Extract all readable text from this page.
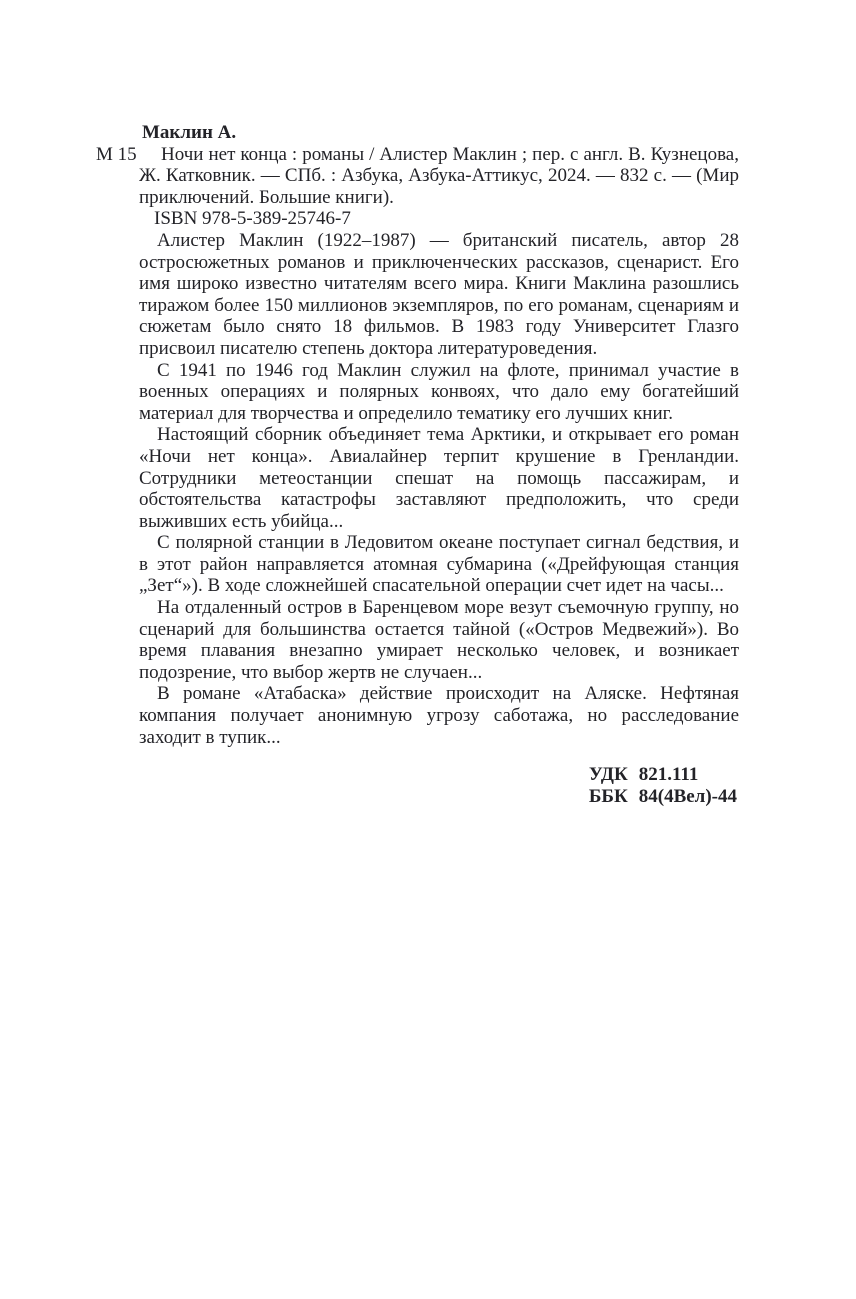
Маклин А.

М 15	Ночи нет конца : романы / Алистер Маклин ; пер. с англ. В. Кузнецова, Ж. Катковник. — СПб. : Азбука, Азбука-Аттикус, 2024. — 832 с. — (Мир приключений. Большие книги).

ISBN 978-5-389-25746-7

Алистер Маклин (1922–1987) — британский писатель, автор 28 остросюжетных романов и приключенческих рассказов, сценарист. Его имя широко известно читателям всего мира. Книги Маклина разошлись тиражом более 150 миллионов экземпляров, по его романам, сценариям и сюжетам было снято 18 фильмов. В 1983 году Университет Глазго присвоил писателю степень доктора литературоведения.

С 1941 по 1946 год Маклин служил на флоте, принимал участие в военных операциях и полярных конвоях, что дало ему богатейший материал для творчества и определило тематику его лучших книг.

Настоящий сборник объединяет тема Арктики, и открывает его роман «Ночи нет конца». Авиалайнер терпит крушение в Гренландии. Сотрудники метеостанции спешат на помощь пассажирам, и обстоятельства катастрофы заставляют предположить, что среди выживших есть убийца...

С полярной станции в Ледовитом океане поступает сигнал бедствия, и в этот район направляется атомная субмарина («Дрейфующая станция „Зет“»). В ходе сложнейшей спасательной операции счет идет на часы...

На отдаленный остров в Баренцевом море везут съемочную группу, но сценарий для большинства остается тайной («Остров Медвежий»). Во время плавания внезапно умирает несколько человек, и возникает подозрение, что выбор жертв не случаен...

В романе «Атабаска» действие происходит на Аляске. Нефтяная компания получает анонимную угрозу саботажа, но расследование заходит в тупик...

УДК 821.111

ББК 84(4Вел)-44
